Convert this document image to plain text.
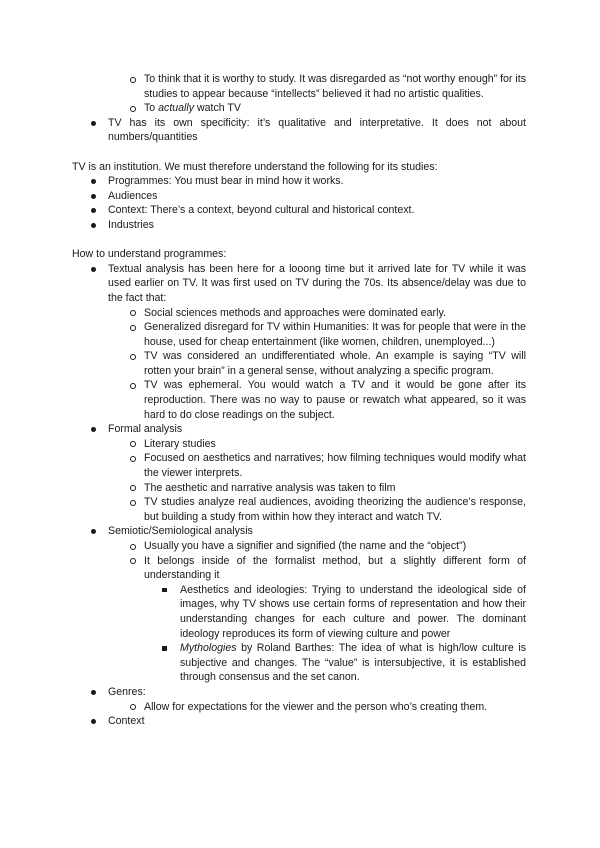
To think that it is worthy to study. It was disregarded as “not worthy enough” for its studies to appear because “intellects” believed it had no artistic qualities.
To actually watch TV
TV has its own specificity: it’s qualitative and interpretative. It does not about numbers/quantities
TV is an institution. We must therefore understand the following for its studies:
Programmes: You must bear in mind how it works.
Audiences
Context: There’s a context, beyond cultural and historical context.
Industries
How to understand programmes:
Textual analysis has been here for a looong time but it arrived late for TV while it was used earlier on TV. It was first used on TV during the 70s. Its absence/delay was due to the fact that:
Social sciences methods and approaches were dominated early.
Generalized disregard for TV within Humanities: It was for people that were in the house, used for cheap entertainment (like women, children, unemployed...)
TV was considered an undifferentiated whole. An example is saying “TV will rotten your brain” in a general sense, without analyzing a specific program.
TV was ephemeral. You would watch a TV and it would be gone after its reproduction. There was no way to pause or rewatch what appeared, so it was hard to do close readings on the subject.
Formal analysis
Literary studies
Focused on aesthetics and narratives; how filming techniques would modify what the viewer interprets.
The aesthetic and narrative analysis was taken to film
TV studies analyze real audiences, avoiding theorizing the audience’s response, but building a study from within how they interact and watch TV.
Semiotic/Semiological analysis
Usually you have a signifier and signified (the name and the “object”)
It belongs inside of the formalist method, but a slightly different form of understanding it
Aesthetics and ideologies: Trying to understand the ideological side of images, why TV shows use certain forms of representation and how their understanding changes for each culture and power. The dominant ideology reproduces its form of viewing culture and power
Mythologies by Roland Barthes: The idea of what is high/low culture is subjective and changes. The “value” is intersubjective, it is established through consensus and the set canon.
Genres:
Allow for expectations for the viewer and the person who’s creating them.
Context
